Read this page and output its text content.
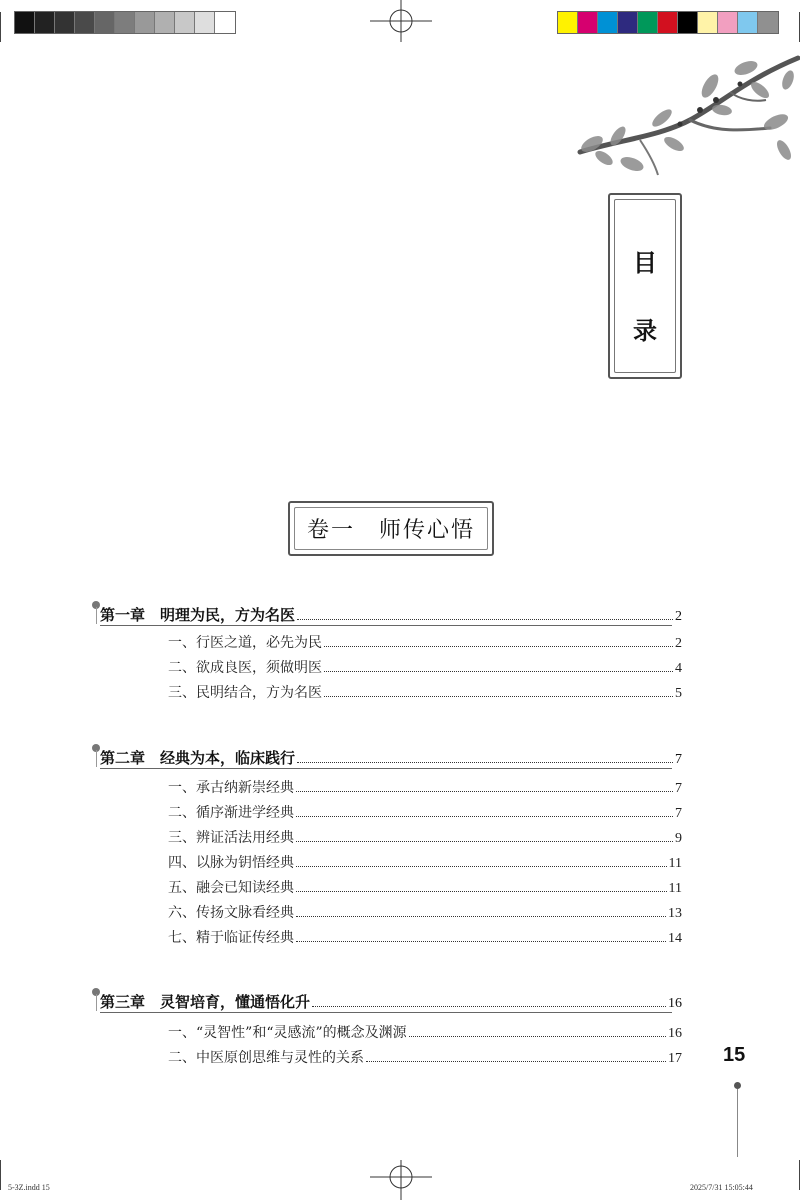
目
录
卷一　师传心悟
第一章　明理为民，方为名医	2
一、行医之道，必先为民	2
二、欲成良医，须做明医	4
三、民明结合，方为名医	5
第二章　经典为本，临床践行	7
一、承古纳新崇经典	7
二、循序渐进学经典	7
三、辨证活法用经典	9
四、以脉为钥悟经典	11
五、融会已知读经典	11
六、传扬文脉看经典	13
七、精于临证传经典	14
第三章　灵智培育，懂通悟化升	16
一、“灵智性”和“灵感流”的概念及渊源	16
二、中医原创思维与灵性的关系	17 15
5-3Z.indd 15	2025/7/31 15:05:44
